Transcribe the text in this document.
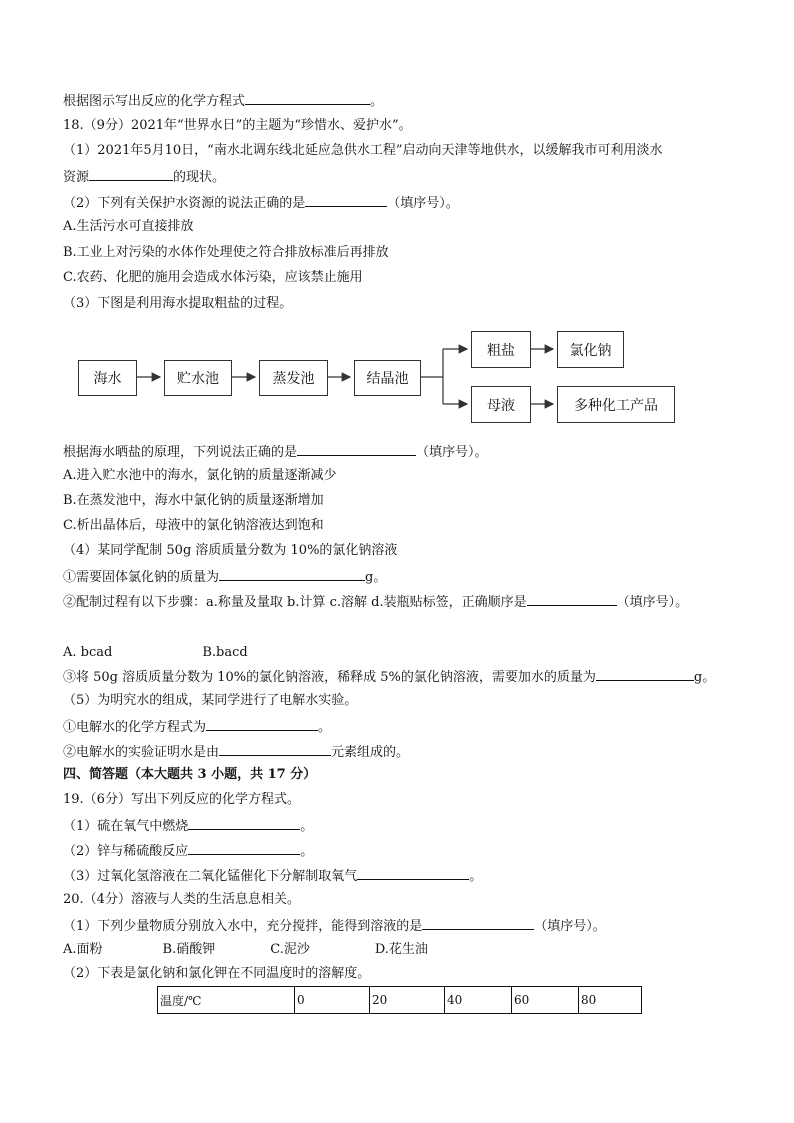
根据图示写出反应的化学方程式	。
18.（9分）2021年“世界水日”的主题为“珍惜水、爱护水”。
（1）2021年5月10日，“南水北调东线北延应急供水工程”启动向天津等地供水，以缓解我市可利用淡水
资源	的现状。
（2）下列有关保护水资源的说法正确的是	（填序号）。
A.生活污水可直接排放
B.工业上对污染的水体作处理使之符合排放标准后再排放
C.农药、化肥的施用会造成水体污染，应该禁止施用
（3）下图是利用海水提取粗盐的过程。
海水	贮水池	蒸发池	结晶池
粗盐	氯化钠
母液	多种化工产品
根据海水晒盐的原理，下列说法正确的是	（填序号）。
A.进入贮水池中的海水，氯化钠的质量逐渐减少
B.在蒸发池中，海水中氯化钠的质量逐渐增加
C.析出晶体后，母液中的氯化钠溶液达到饱和
（4）某同学配制 50g 溶质质量分数为 10%的氯化钠溶液
①需要固体氯化钠的质量为	g。
②配制过程有以下步骤：a.称量及量取 b.计算 c.溶解 d.装瓶贴标签，正确顺序是	（填序号）。
A. bcad	B.bacd
③将 50g 溶质质量分数为 10%的氯化钠溶液，稀释成 5%的氯化钠溶液，需要加水的质量为	g。
（5）为明究水的组成，某同学进行了电解水实验。
①电解水的化学方程式为	。
②电解水的实验证明水是由	元素组成的。
四、简答题（本大题共 3 小题，共 17 分）
19.（6分）写出下列反应的化学方程式。
（1）硫在氧气中燃烧	。
（2）锌与稀硫酸反应	。
（3）过氧化氢溶液在二氧化锰催化下分解制取氧气	。
20.（4分）溶液与人类的生活息息相关。
（1）下列少量物质分别放入水中，充分搅拌，能得到溶液的是	（填序号）。
A.面粉	B.硝酸钾	C.泥沙	D.花生油
（2）下表是氯化钠和氯化钾在不同温度时的溶解度。
温度/℃	0	20	40	60	80
